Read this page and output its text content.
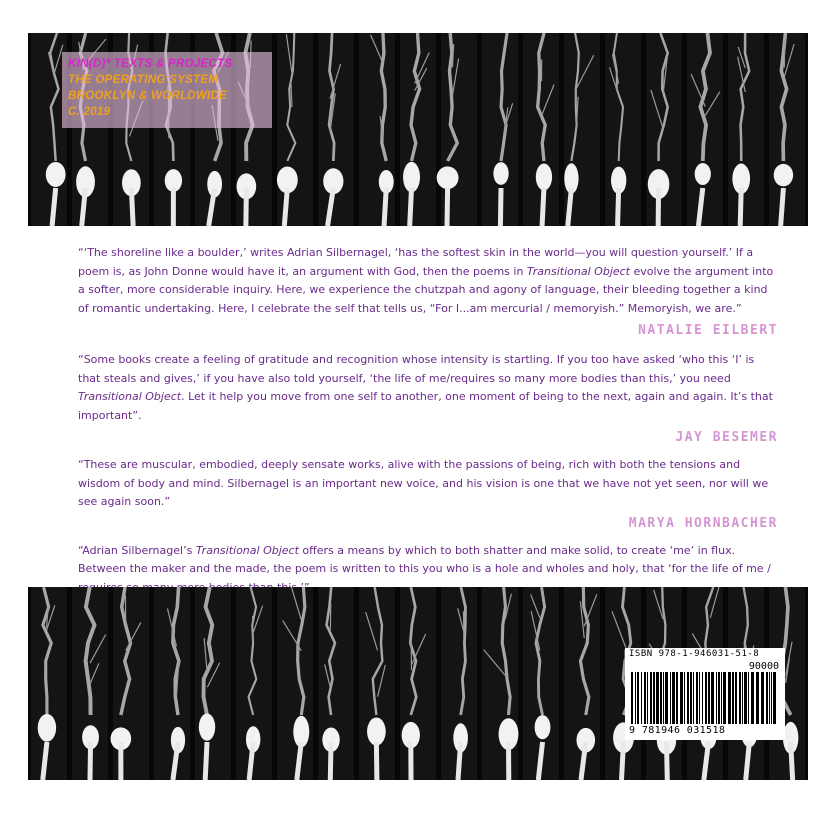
KIN(D)* TEXTS & PROJECTS
THE OPERATING SYSTEM
BROOKLYN & WORLDWIDE
C. 2019

“‘The shoreline like a boulder,’ writes Adrian Silbernagel, ‘has the softest skin in the world—you will question yourself.’ If a poem is, as John Donne would have it, an argument with God, then the poems in Transitional Object evolve the argument into a softer, more considerable inquiry. Here, we experience the chutzpah and agony of language, their bleeding together a kind of romantic undertaking. Here, I celebrate the self that tells us, “For I...am mercurial / memoryish.” Memoryish, we are.”

NATALIE EILBERT

“Some books create a feeling of gratitude and recognition whose intensity is startling. If you too have asked ‘who this ‘I’ is that steals and gives,’ if you have also told yourself, ‘the life of me/requires so many more bodies than this,’ you need Transitional Object. Let it help you move from one self to another, one moment of being to the next, again and again. It’s that important”.

JAY BESEMER

“These are muscular, embodied, deeply sensate works, alive with the passions of being, rich with both the tensions and wisdom of body and mind. Silbernagel is an important new voice, and his vision is one that we have not yet seen, nor will we see again soon.”

MARYA HORNBACHER

“Adrian Silbernagel’s Transitional Object offers a means by which to both shatter and make solid, to create ‘me’ in flux. Between the maker and the made, the poem is written to this you who is a hole and wholes and holy, that ‘for the life of me /

ISBN 978-1-946031-51-8
90000
9 781946 031518
